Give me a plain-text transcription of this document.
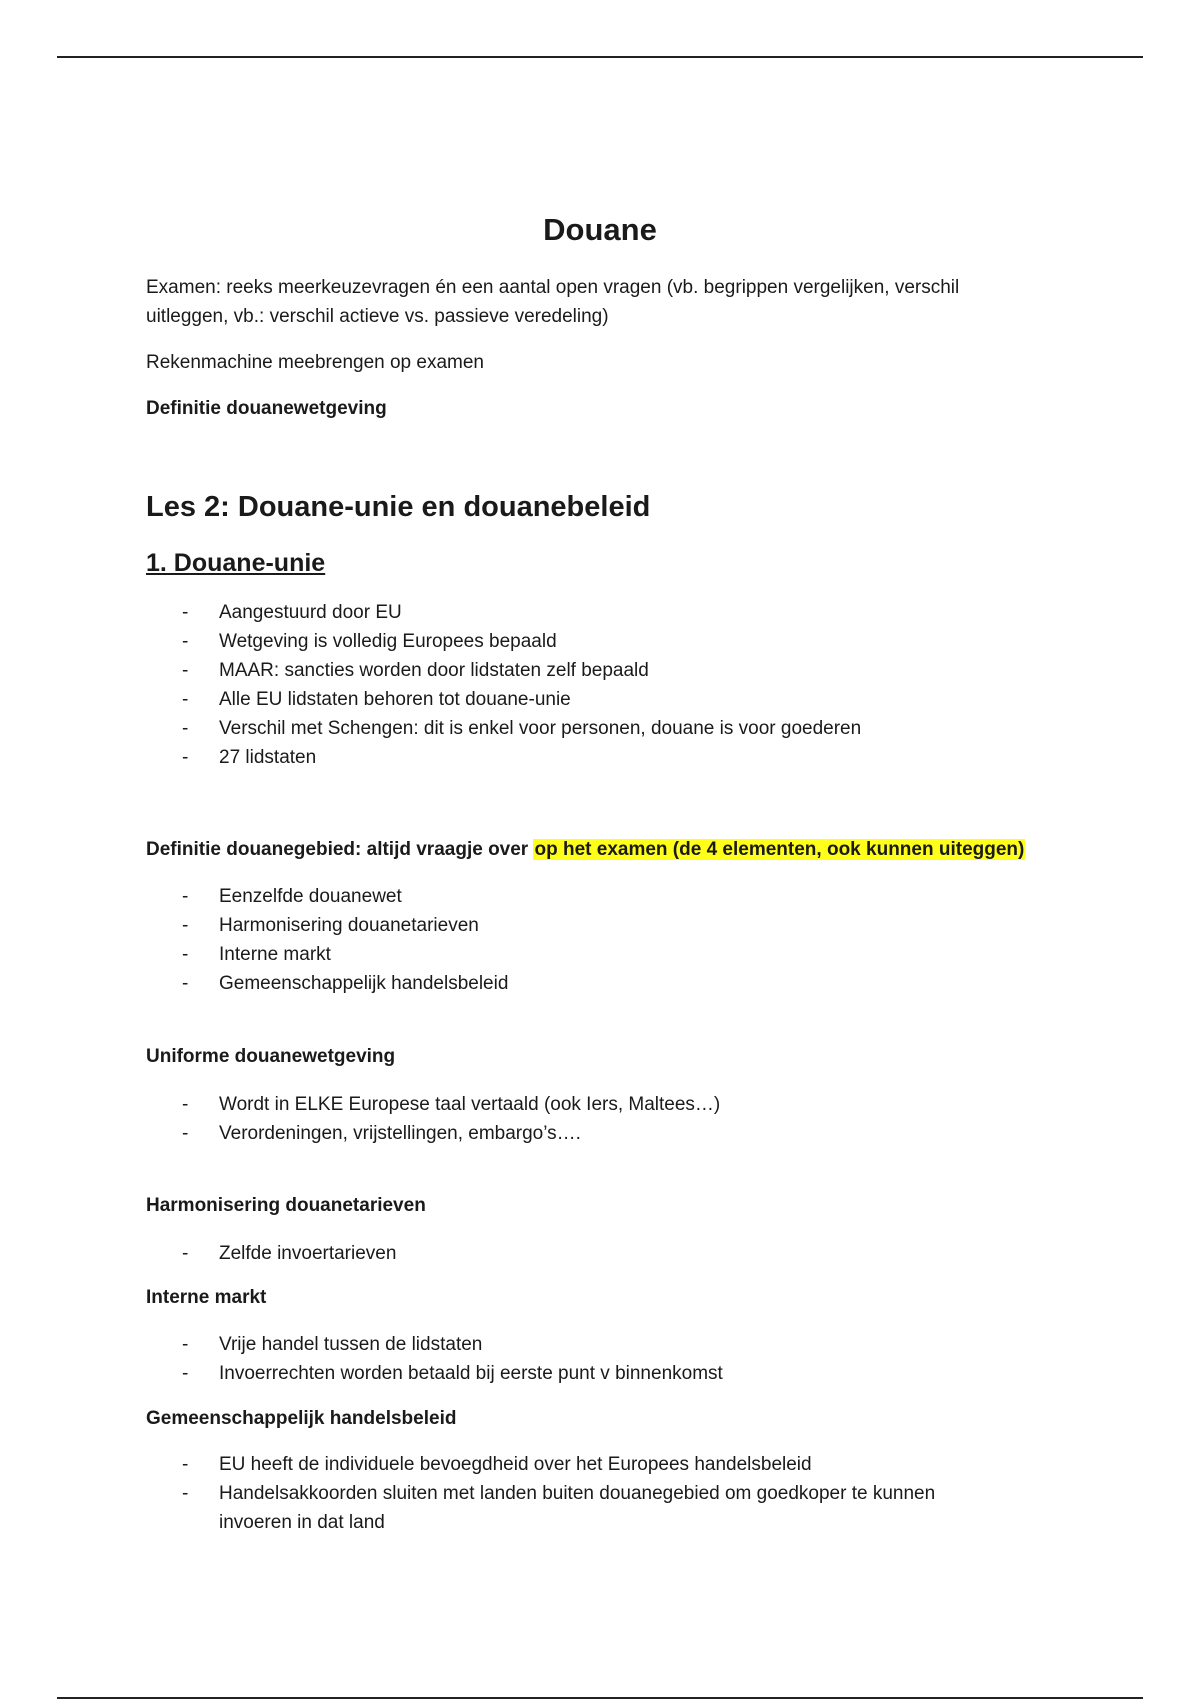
Douane

Examen: reeks meerkeuzevragen én een aantal open vragen (vb. begrippen vergelijken, verschil uitleggen, vb.: verschil actieve vs. passieve veredeling)

Rekenmachine meebrengen op examen

Definitie douanewetgeving

Les 2: Douane-unie en douanebeleid
1. Douane-unie
- Aangestuurd door EU
- Wetgeving is volledig Europees bepaald
- MAAR: sancties worden door lidstaten zelf bepaald
- Alle EU lidstaten behoren tot douane-unie
- Verschil met Schengen: dit is enkel voor personen, douane is voor goederen
- 27 lidstaten

Definitie douanegebied: altijd vraagje over op het examen (de 4 elementen, ook kunnen uiteggen)

- Eenzelfde douanewet
- Harmonisering douanetarieven
- Interne markt
- Gemeenschappelijk handelsbeleid

Uniforme douanewetgeving

- Wordt in ELKE Europese taal vertaald (ook Iers, Maltees…)
- Verordeningen, vrijstellingen, embargo’s….

Harmonisering douanetarieven

- Zelfde invoertarieven

Interne markt

- Vrije handel tussen de lidstaten
- Invoerrechten worden betaald bij eerste punt v binnenkomst

Gemeenschappelijk handelsbeleid

- EU heeft de individuele bevoegdheid over het Europees handelsbeleid
- Handelsakkoorden sluiten met landen buiten douanegebied om goedkoper te kunnen invoeren in dat land
